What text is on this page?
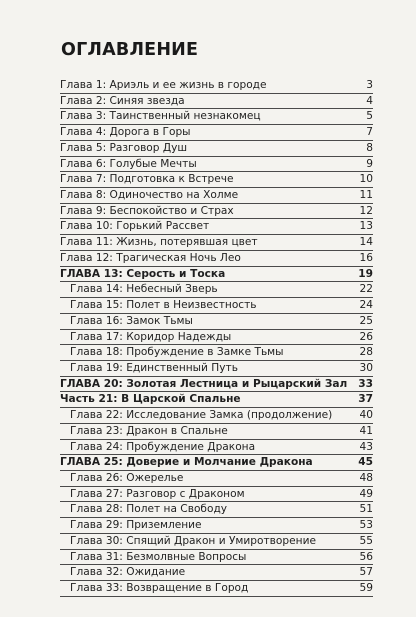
ОГЛАВЛЕНИЕ
Глава 1: Ариэль и ее жизнь в городе	3
Глава 2: Синяя звезда	4
Глава 3: Таинственный незнакомец	5
Глава 4: Дорога в Горы	7
Глава 5: Разговор Душ	8
Глава 6: Голубые Мечты	9
Глава 7: Подготовка к Встрече	10
Глава 8: Одиночество на Холме	11
Глава 9: Беспокойство и Страх	12
Глава 10: Горький Рассвет	13
Глава 11: Жизнь, потерявшая цвет	14
Глава 12: Трагическая Ночь Лео	16
ГЛАВА 13: Серость и Тоска	19
Глава 14: Небесный Зверь	22
Глава 15: Полет в Неизвестность	24
Глава 16: Замок Тьмы	25
Глава 17: Коридор Надежды	26
Глава 18: Пробуждение в Замке Тьмы	28
Глава 19: Единственный Путь	30
ГЛАВА 20: Золотая Лестница и Рыцарский Зал	33
Часть 21: В Царской Спальне	37
Глава 22: Исследование Замка (продолжение)	40
Глава 23: Дракон в Спальне	41
Глава 24: Пробуждение Дракона	43
ГЛАВА 25: Доверие и Молчание Дракона	45
Глава 26: Ожерелье	48
Глава 27: Разговор с Драконом	49
Глава 28: Полет на Свободу	51
Глава 29: Приземление	53
Глава 30: Спящий Дракон и Умиротворение	55
Глава 31: Безмолвные Вопросы	56
Глава 32: Ожидание	57
Глава 33: Возвращение в Город	59
